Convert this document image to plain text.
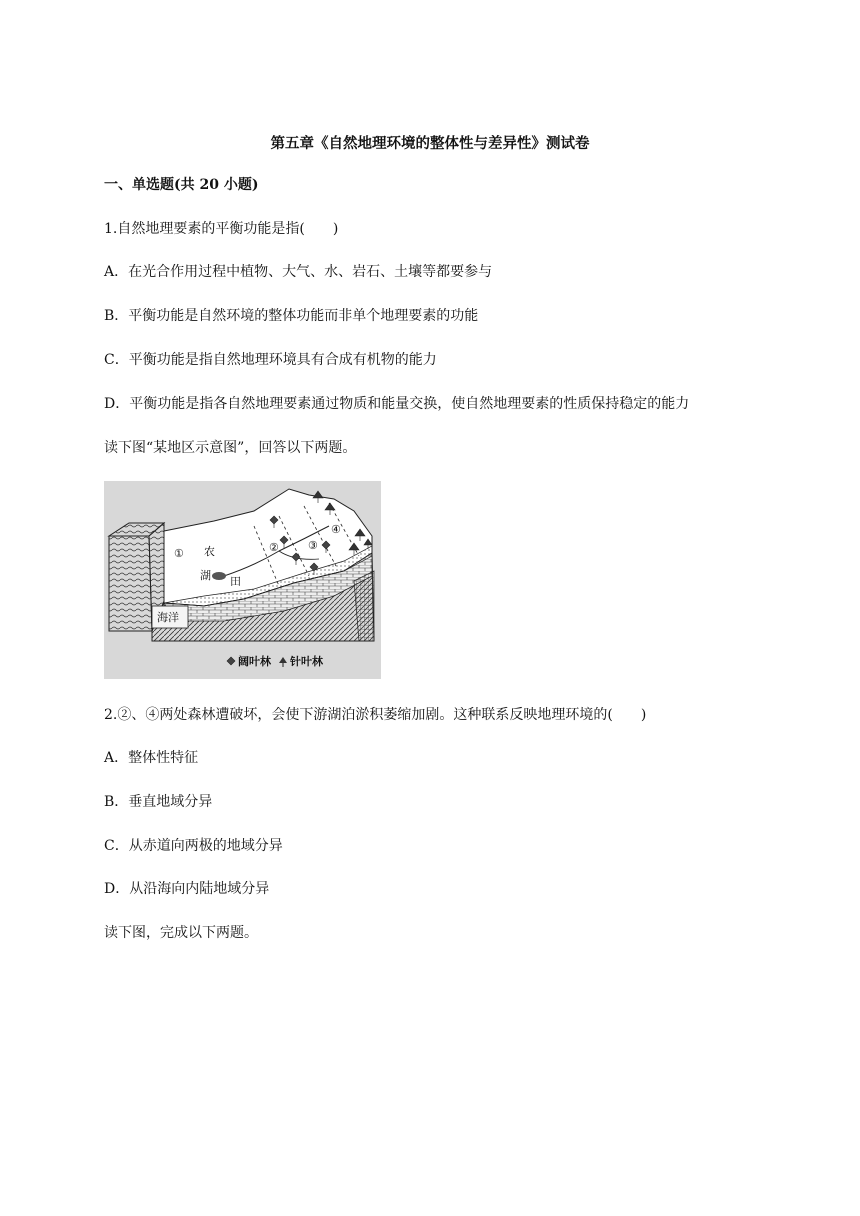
第五章《自然地理环境的整体性与差异性》测试卷
一、单选题(共 20 小题)
1.自然地理要素的平衡功能是指(　　)
A．在光合作用过程中植物、大气、水、岩石、土壤等都要参与
B．平衡功能是自然环境的整体功能而非单个地理要素的功能
C．平衡功能是指自然地理环境具有合成有机物的能力
D．平衡功能是指各自然地理要素通过物质和能量交换，使自然地理要素的性质保持稳定的能力
读下图“某地区示意图”，回答以下两题。
海洋
① 农
湖 田
②	③
④
阔叶林 针叶林
2.②、④两处森林遭破坏，会使下游湖泊淤积萎缩加剧。这种联系反映地理环境的(　　)
A．整体性特征
B．垂直地域分异
C．从赤道向两极的地域分异
D．从沿海向内陆地域分异
读下图，完成以下两题。
